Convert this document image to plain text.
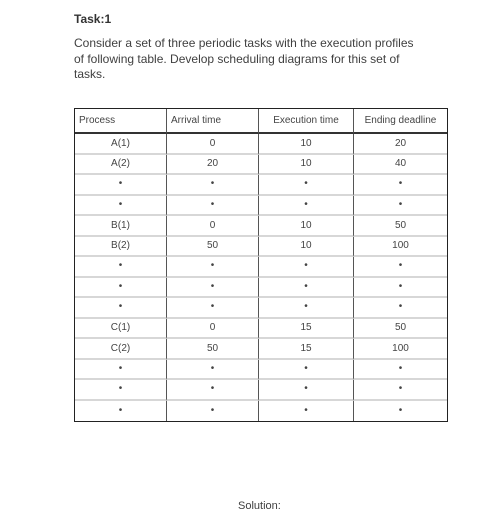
Task:1
Consider a set of three periodic tasks with the execution profiles
of following table. Develop scheduling diagrams for this set of
tasks.
Process	Arrival time	Execution time	Ending deadline
A(1)	0	10	20
A(2)	20	10	40
•	•	•	•
•	•	•	•
B(1)	0	10	50
B(2)	50	10	100
•	•	•	•
•	•	•	•
•	•	•	•
C(1)	0	15	50
C(2)	50	15	100
•	•	•	•
•	•	•	•
•	•	•	•
Solution:
